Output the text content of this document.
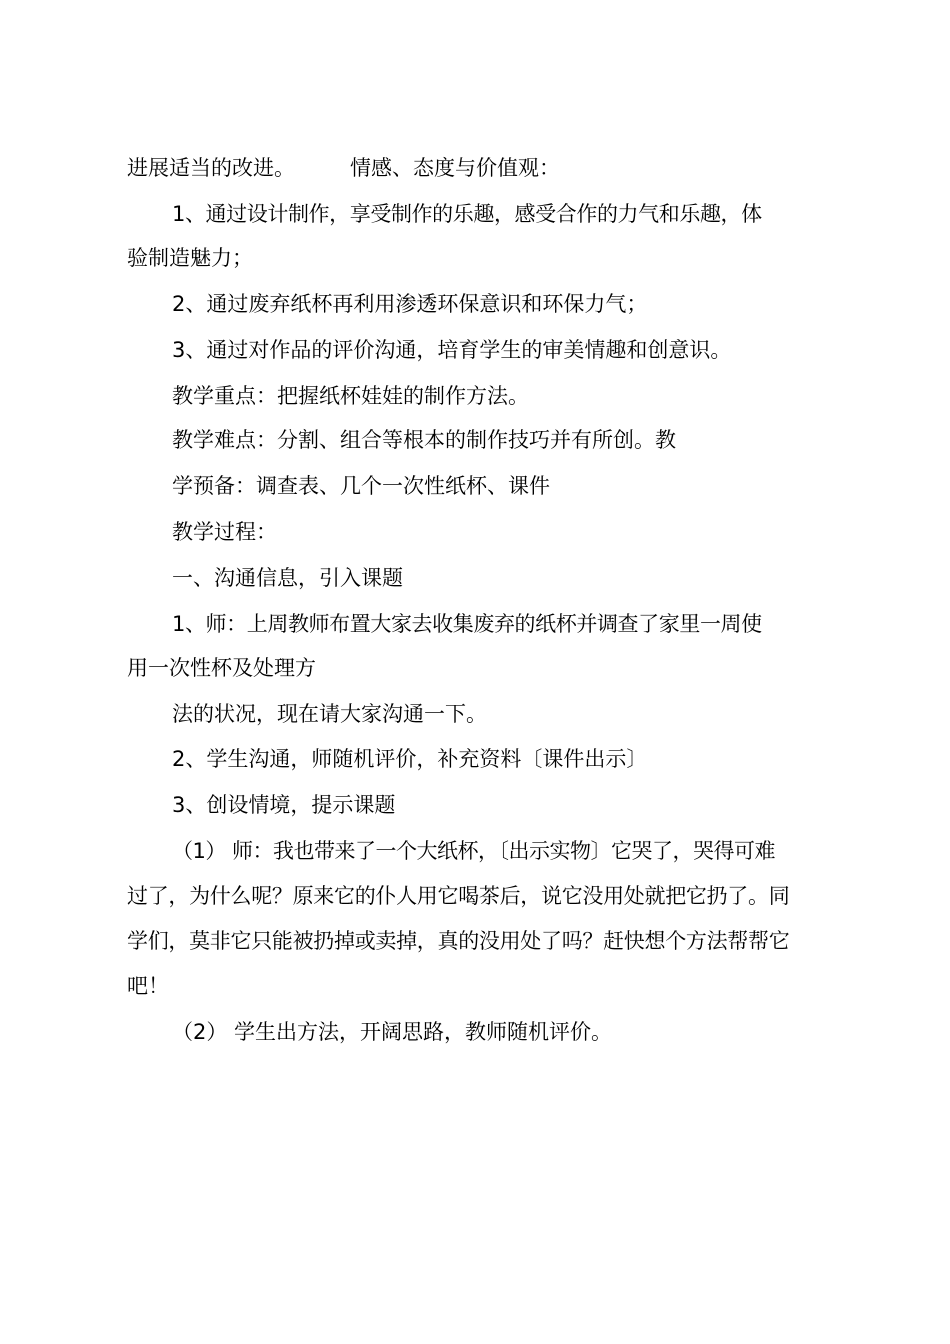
进展适当的改进。	情感、态度与价值观：

1、通过设计制作，享受制作的乐趣，感受合作的力气和乐趣，体

验制造魅力；

2、通过废弃纸杯再利用渗透环保意识和环保力气；

3、通过对作品的评价沟通，培育学生的审美情趣和创意识。

教学重点：把握纸杯娃娃的制作方法。

教学难点：分割、组合等根本的制作技巧并有所创。教

学预备：调查表、几个一次性纸杯、课件

教学过程：

一、沟通信息，引入课题

1、师：上周教师布置大家去收集废弃的纸杯并调查了家里一周使

用一次性杯及处理方

法的状况，现在请大家沟通一下。

2、学生沟通，师随机评价，补充资料〔课件出示〕

3、创设情境，提示课题

（1） 师：我也带来了一个大纸杯，〔出示实物〕它哭了，哭得可难

过了，为什么呢？原来它的仆人用它喝茶后，说它没用处就把它扔了。同

学们，莫非它只能被扔掉或卖掉，真的没用处了吗？赶快想个方法帮帮它

吧！

（2） 学生出方法，开阔思路，教师随机评价。
